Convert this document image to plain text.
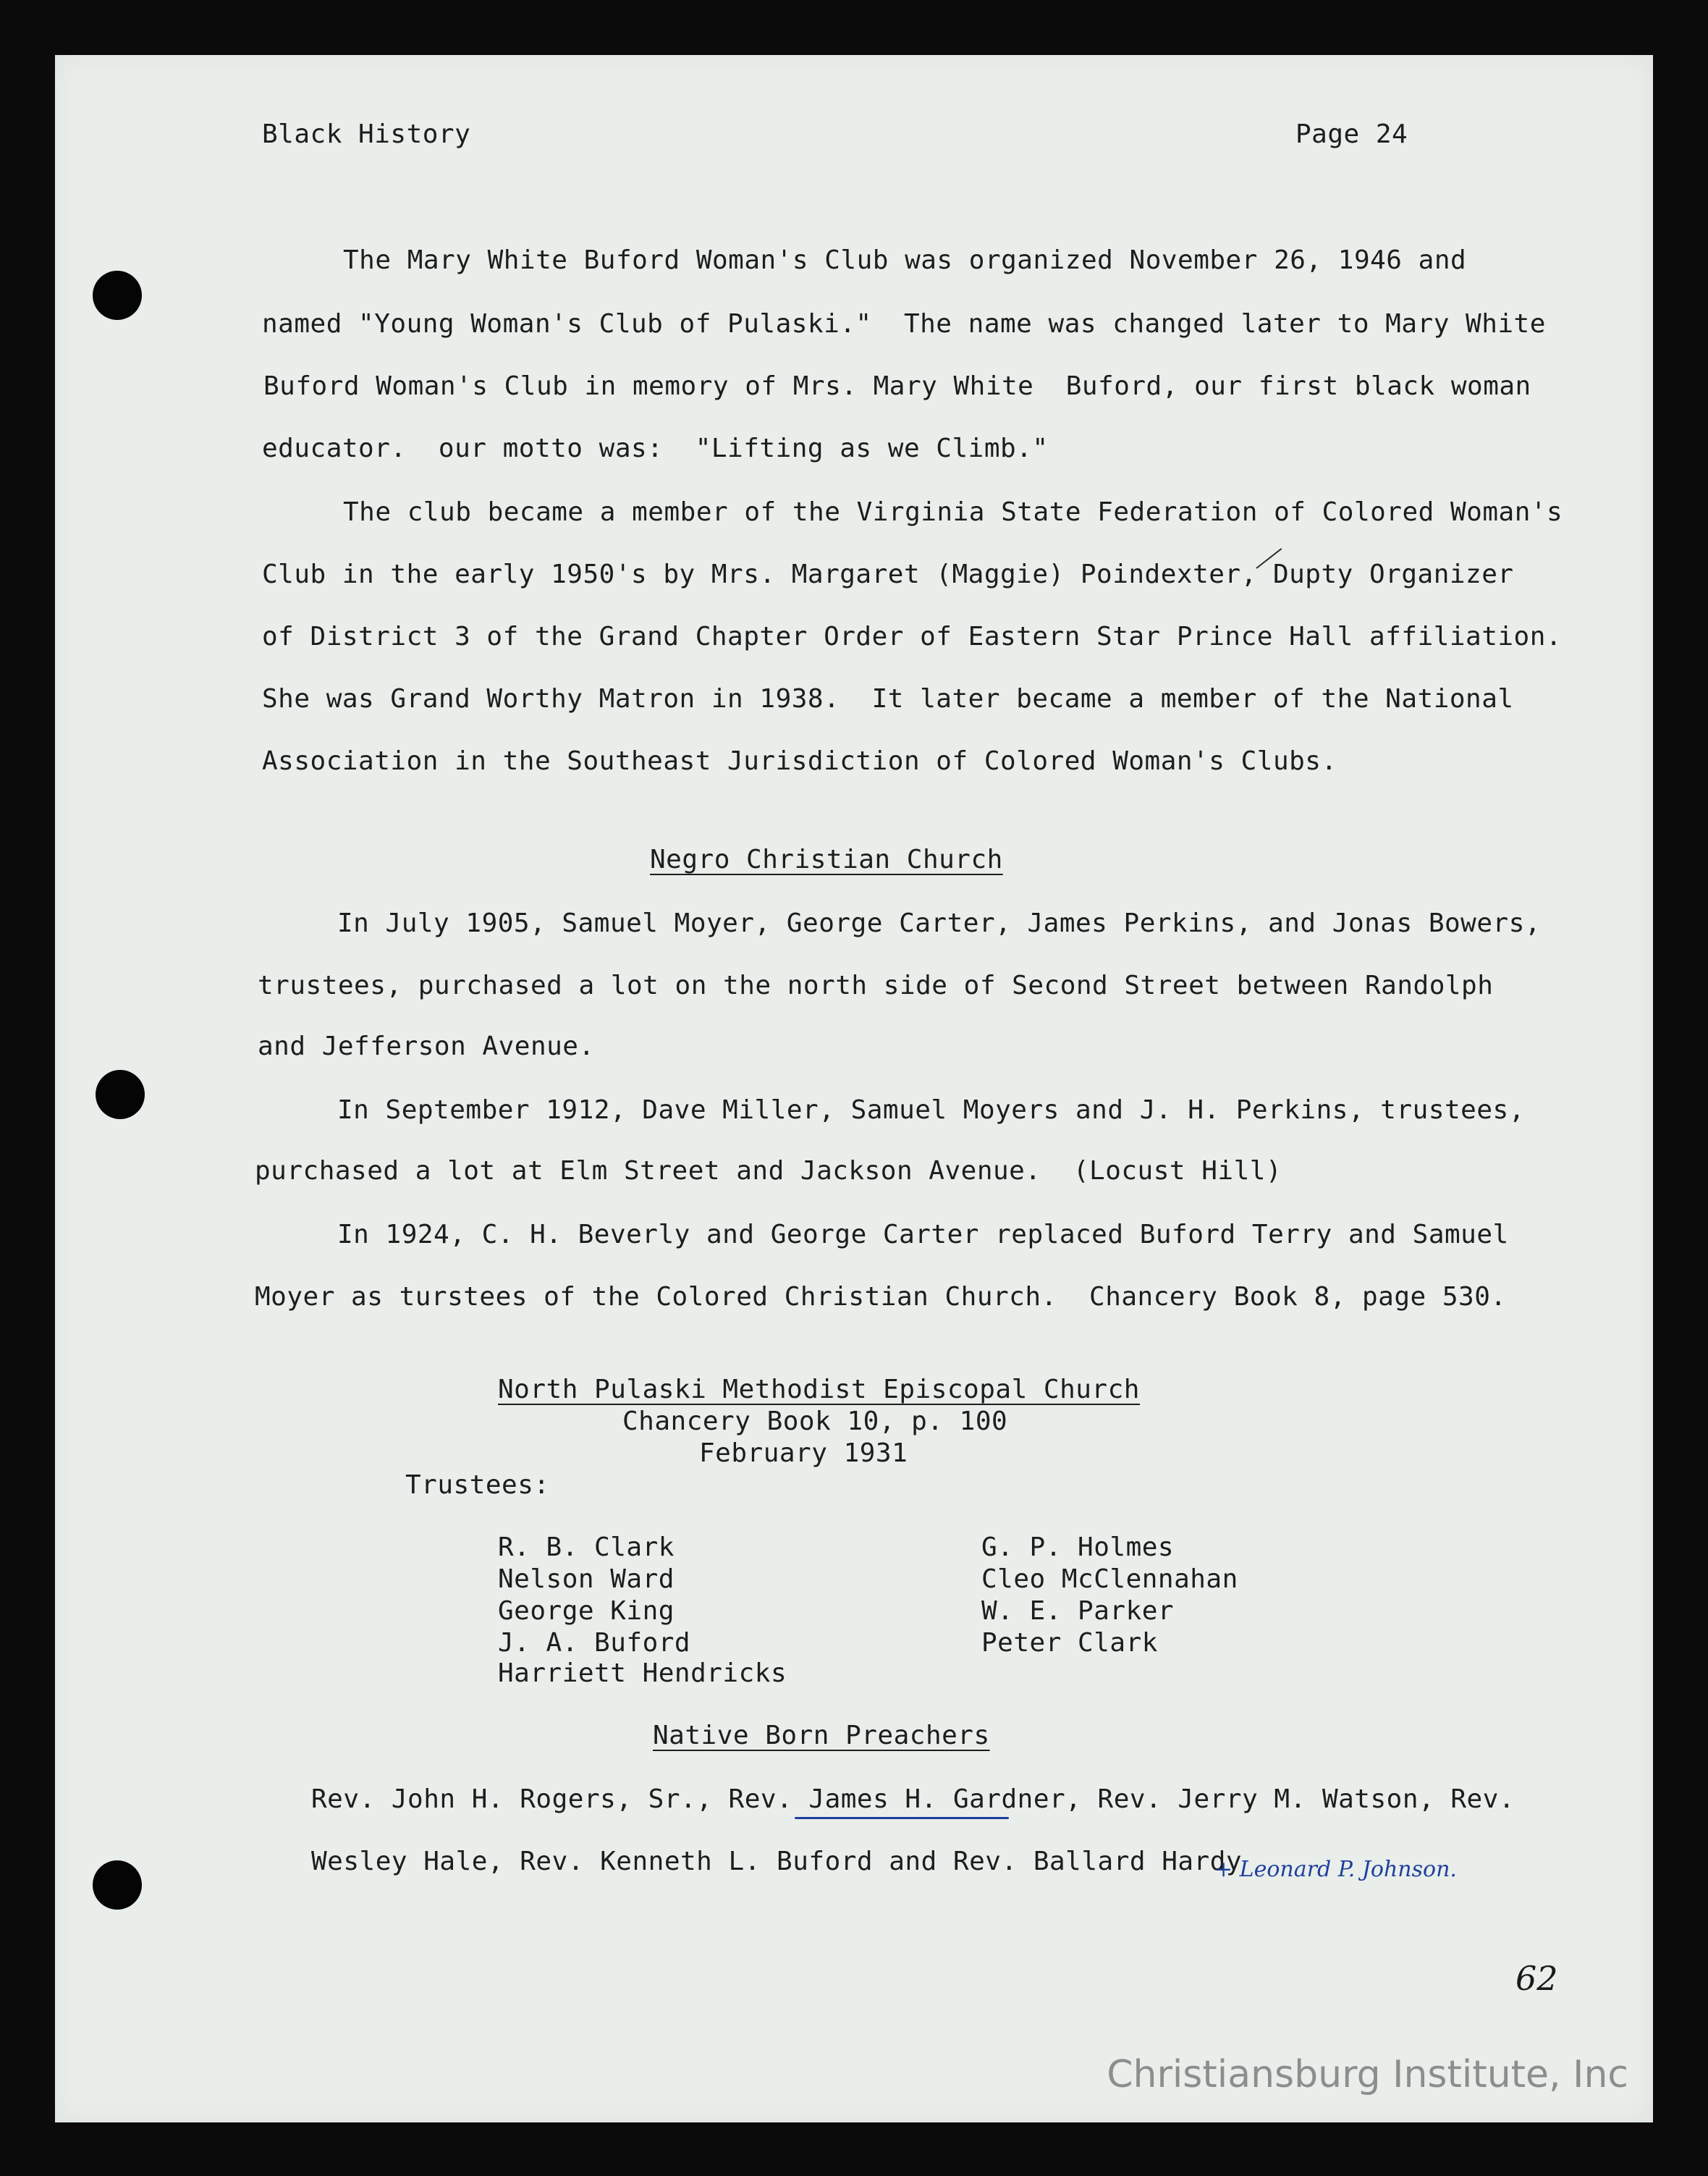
Black History	Page 24
The Mary White Buford Woman's Club was organized November 26, 1946 and
named "Young Woman's Club of Pulaski."  The name was changed later to Mary White
Buford Woman's Club in memory of Mrs. Mary White  Buford, our first black woman
educator.  our motto was:  "Lifting as we Climb."
The club became a member of the Virginia State Federation of Colored Woman's
Club in the early 1950's by Mrs. Margaret (Maggie) Poindexter, Dupty Organizer
of District 3 of the Grand Chapter Order of Eastern Star Prince Hall affiliation.
She was Grand Worthy Matron in 1938.  It later became a member of the National
Association in the Southeast Jurisdiction of Colored Woman's Clubs.
Negro Christian Church
In July 1905, Samuel Moyer, George Carter, James Perkins, and Jonas Bowers,
trustees, purchased a lot on the north side of Second Street between Randolph
and Jefferson Avenue.
In September 1912, Dave Miller, Samuel Moyers and J. H. Perkins, trustees,
purchased a lot at Elm Street and Jackson Avenue.  (Locust Hill)
In 1924, C. H. Beverly and George Carter replaced Buford Terry and Samuel
Moyer as turstees of the Colored Christian Church.  Chancery Book 8, page 530.
North Pulaski Methodist Episcopal Church
Chancery Book 10, p. 100
February 1931
Trustees:
R. B. Clark
Nelson Ward
George King
J. A. Buford
Harriett Hendricks
G. P. Holmes
Cleo McClennahan
W. E. Parker
Peter Clark
Native Born Preachers
Rev. John H. Rogers, Sr., Rev. James H. Gardner, Rev. Jerry M. Watson, Rev.
Wesley Hale, Rev. Kenneth L. Buford and Rev. Ballard Hardy
+ Leonard P. Johnson.
62
Christiansburg Institute, Inc
